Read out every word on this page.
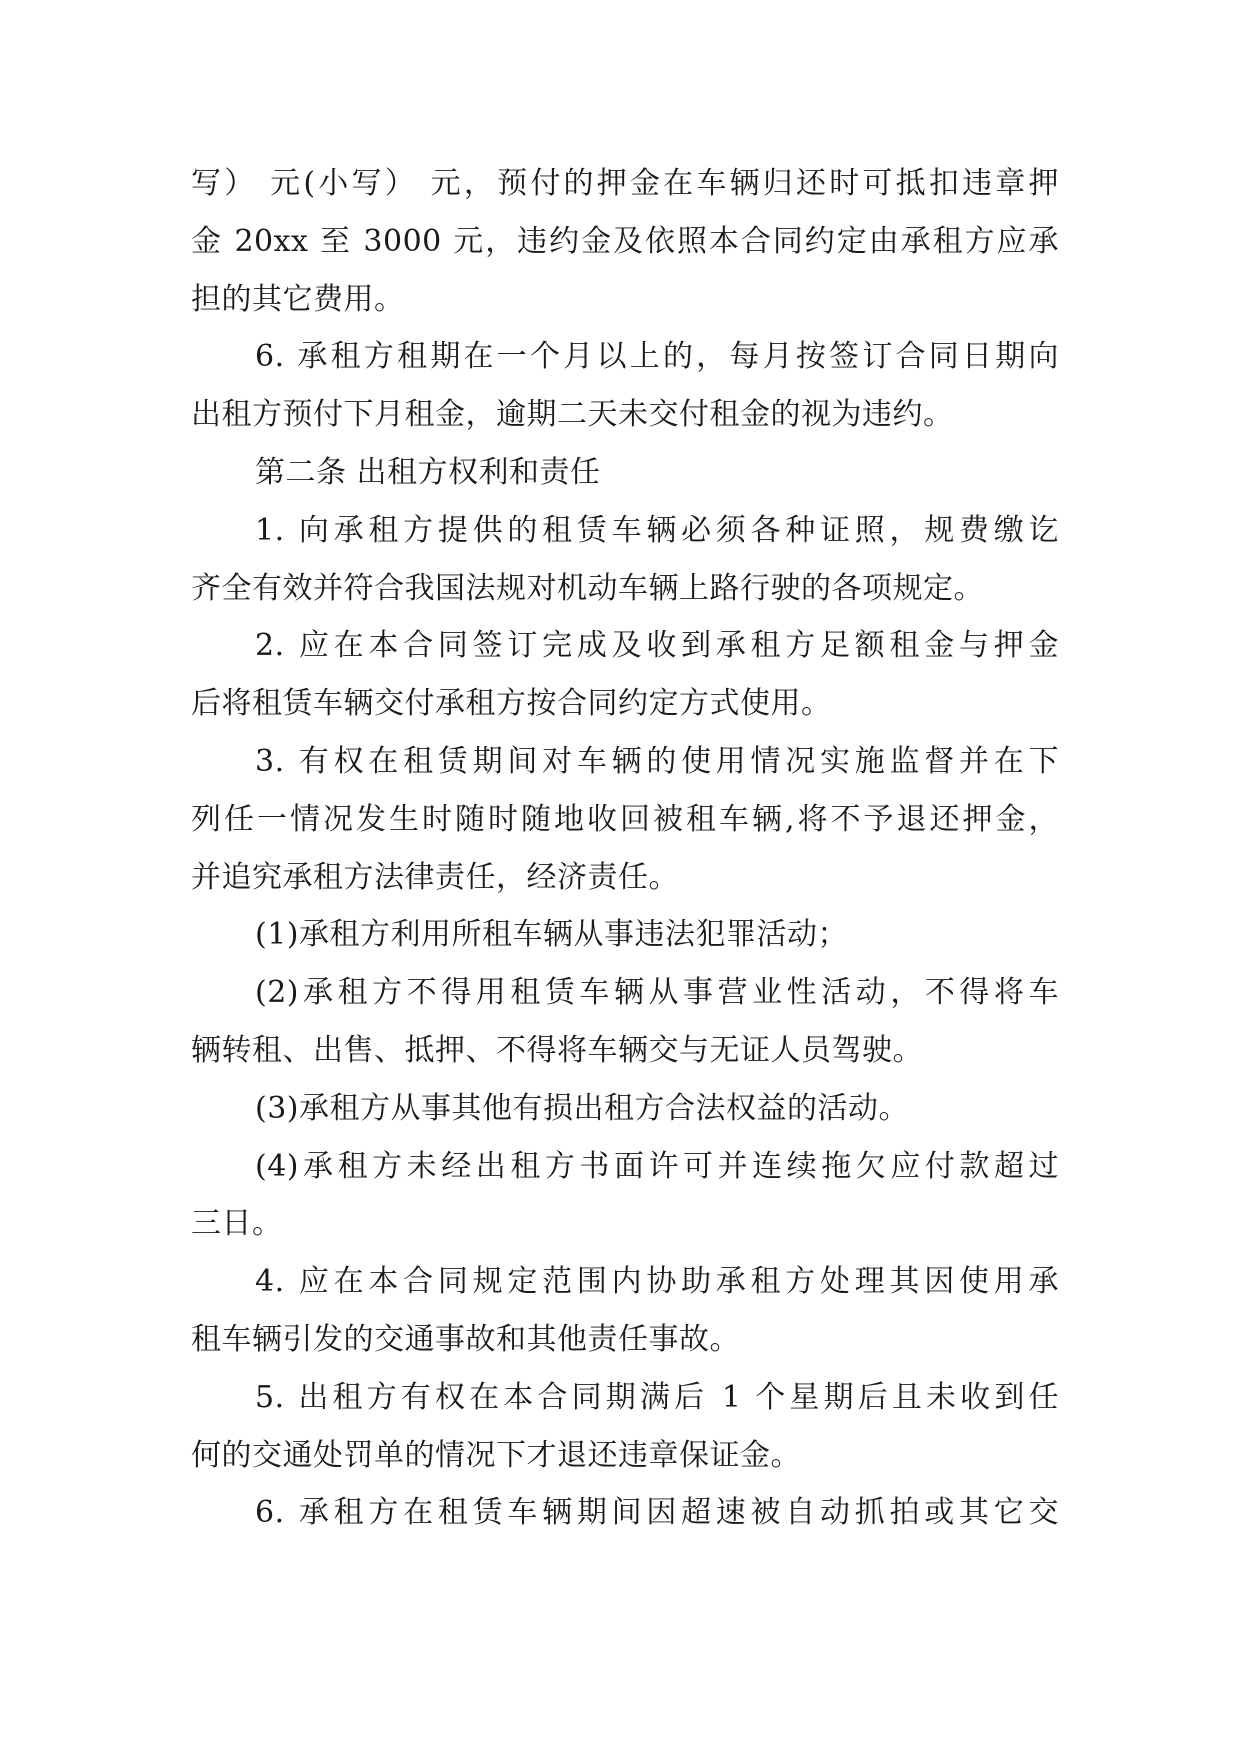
写） 元(小写） 元，预付的押金在车辆归还时可抵扣违章押
金 20xx 至 3000 元，违约金及依照本合同约定由承租方应承
担的其它费用。
6. 承租方租期在一个月以上的，每月按签订合同日期向
出租方预付下月租金，逾期二天未交付租金的视为违约。
第二条 出租方权利和责任
1. 向承租方提供的租赁车辆必须各种证照，规费缴讫
齐全有效并符合我国法规对机动车辆上路行驶的各项规定。
2. 应在本合同签订完成及收到承租方足额租金与押金
后将租赁车辆交付承租方按合同约定方式使用。
3. 有权在租赁期间对车辆的使用情况实施监督并在下
列任一情况发生时随时随地收回被租车辆,将不予退还押金，
并追究承租方法律责任，经济责任。
(1)承租方利用所租车辆从事违法犯罪活动；
(2)承租方不得用租赁车辆从事营业性活动，不得将车
辆转租、出售、抵押、不得将车辆交与无证人员驾驶。
(3)承租方从事其他有损出租方合法权益的活动。
(4)承租方未经出租方书面许可并连续拖欠应付款超过
三日。
4. 应在本合同规定范围内协助承租方处理其因使用承
租车辆引发的交通事故和其他责任事故。
5. 出租方有权在本合同期满后 1 个星期后且未收到任
何的交通处罚单的情况下才退还违章保证金。
6. 承租方在租赁车辆期间因超速被自动抓拍或其它交
